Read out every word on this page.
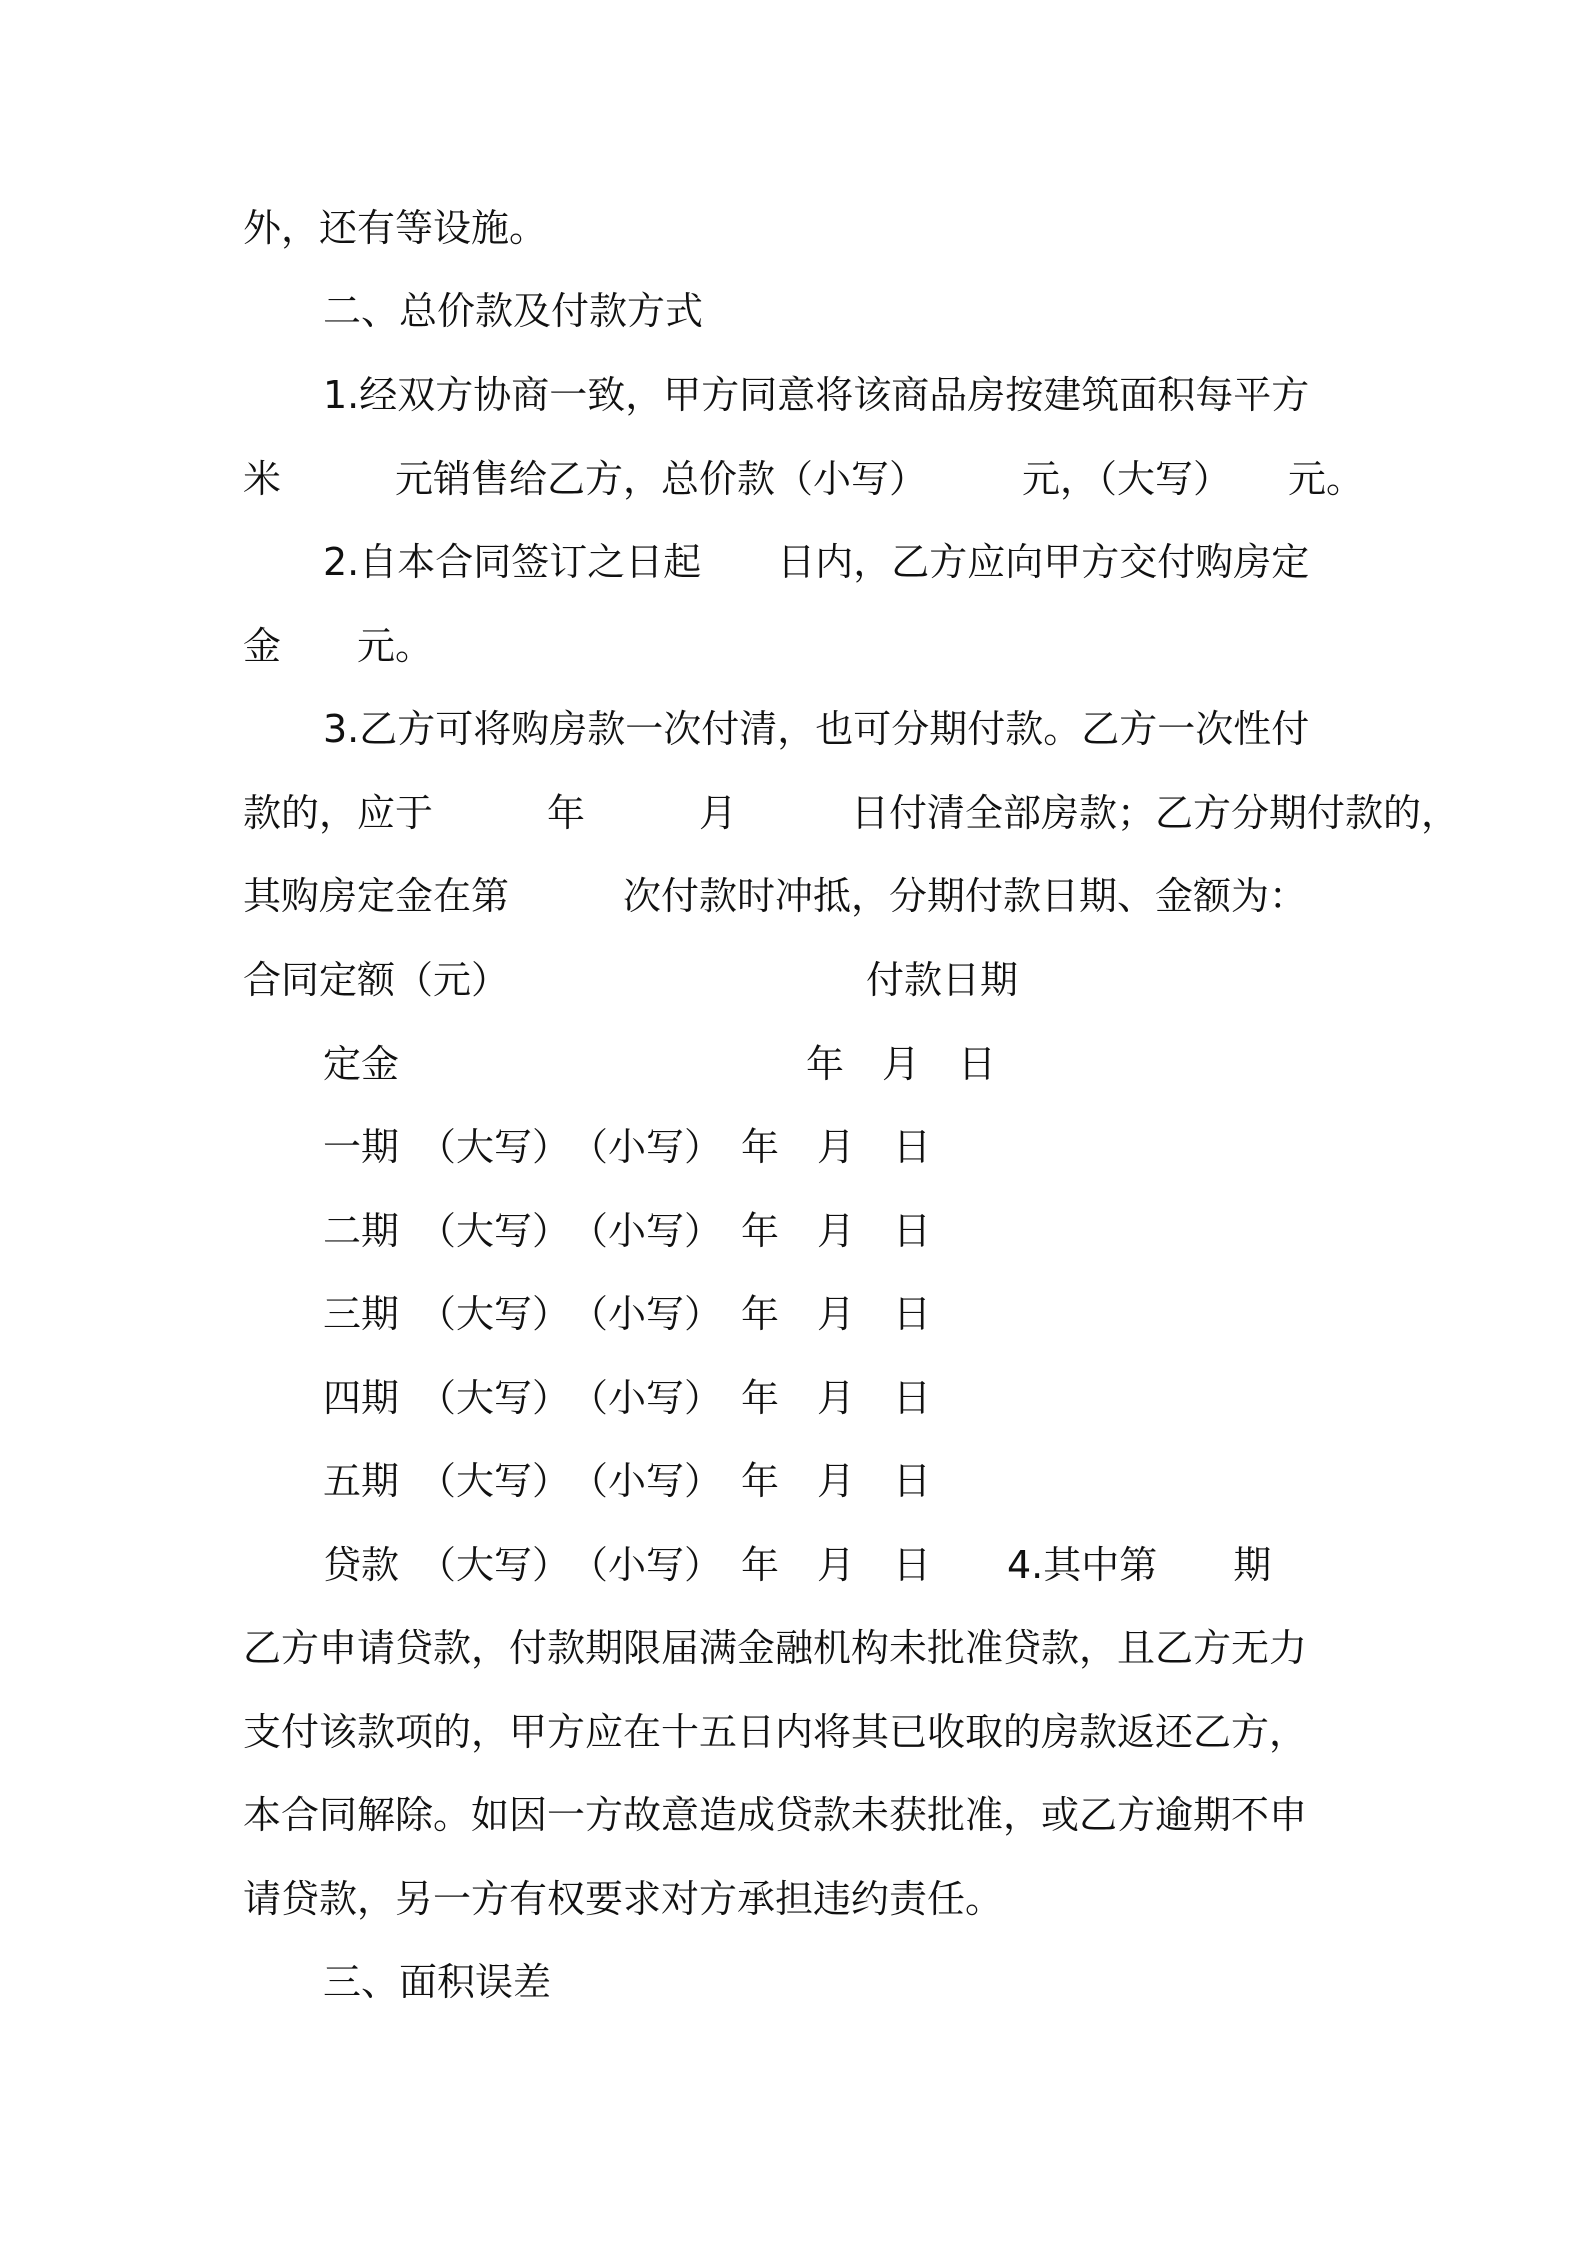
外，还有等设施。

二、总价款及付款方式

1.经双方协商一致，甲方同意将该商品房按建筑面积每平方

米　　　元销售给乙方，总价款（小写）　　　元，（大写）　　元。

2.自本合同签订之日起　　日内，乙方应向甲方交付购房定

金　　元。

3.乙方可将购房款一次付清，也可分期付款。乙方一次性付

款的，应于　　　年　　　月　　　日付清全部房款；乙方分期付款的，

其购房定金在第　　　次付款时冲抵，分期付款日期、金额为：

合同定额（元）	付款日期
定金	年　月　日

一期　（大写）　（小写）　年　月　日

二期　（大写）　（小写）　年　月　日

三期　（大写）　（小写）　年　月　日

四期　（大写）　（小写）　年　月　日

五期　（大写）　（小写）　年　月　日

贷款　（大写）　（小写）　年　月　日　　4.其中第　　期

乙方申请贷款，付款期限届满金融机构未批准贷款，且乙方无力

支付该款项的，甲方应在十五日内将其已收取的房款返还乙方，

本合同解除。如因一方故意造成贷款未获批准，或乙方逾期不申

请贷款，另一方有权要求对方承担违约责任。

三、面积误差
